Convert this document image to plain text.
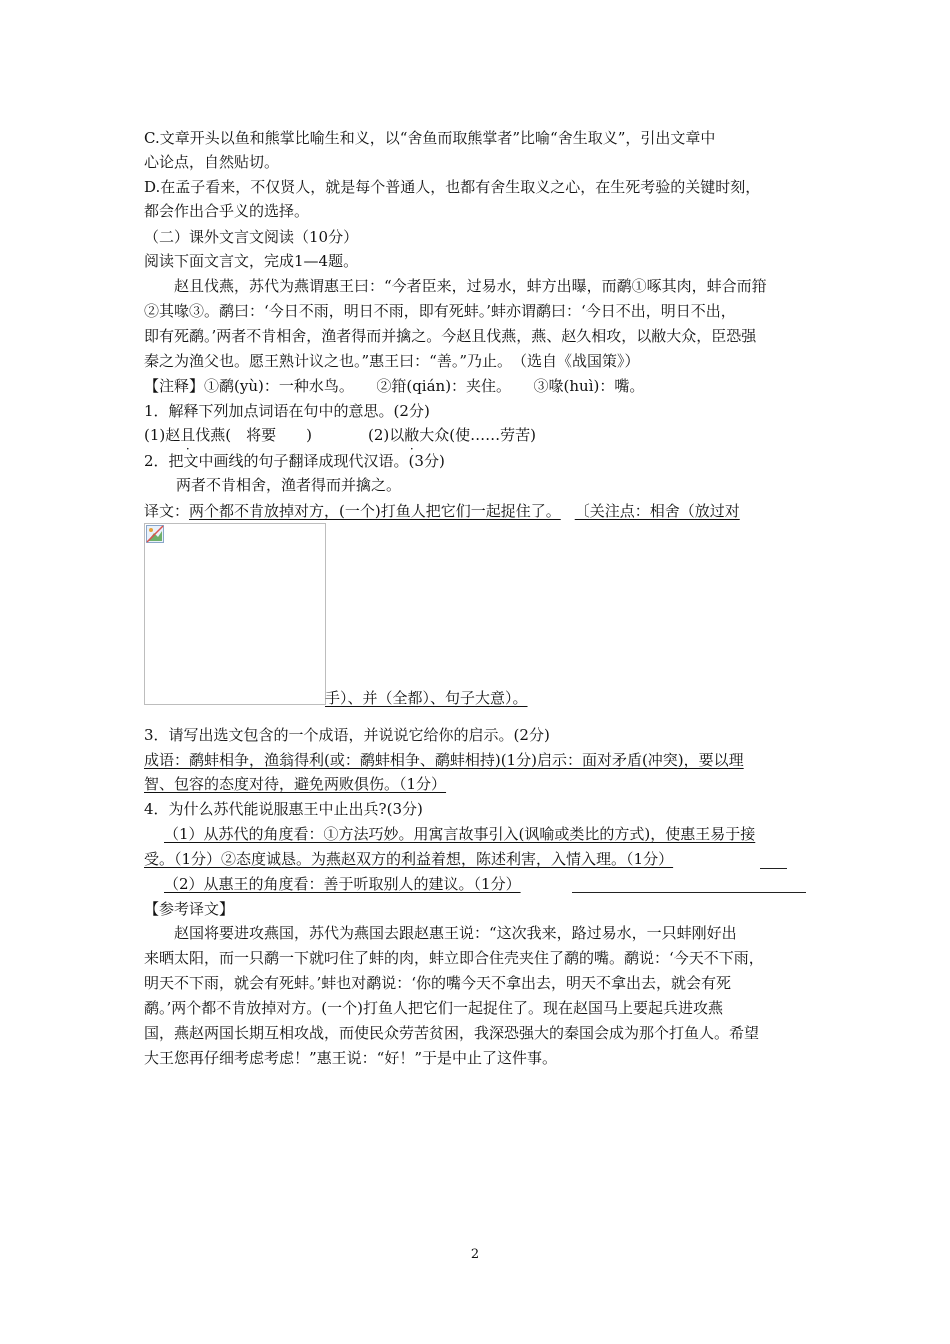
C.文章开头以鱼和熊掌比喻生和义，以“舍鱼而取熊掌者”比喻“舍生取义”，引出文章中
心论点，自然贴切。
D.在孟子看来，不仅贤人，就是每个普通人，也都有舍生取义之心，在生死考验的关键时刻，
都会作出合乎义的选择。
（二）课外文言文阅读（10分）
阅读下面文言文，完成1—4题。
　　赵且伐燕，苏代为燕谓惠王曰：“今者臣来，过易水，蚌方出曝，而鹬①啄其肉，蚌合而箝
②其喙③。鹬曰：‘今日不雨，明日不雨，即有死蚌。’蚌亦谓鹬曰：‘今日不出，明日不出，
即有死鹬。’两者不肯相舍，渔者得而并擒之。今赵且伐燕，燕、赵久相攻，以敝大众，臣恐强
秦之为渔父也。愿王熟计议之也。”惠王曰：“善。”乃止。　（选自《战国策》）
【注释】①鹬(yù)：一种水鸟。　　②箝(qián)：夹住。　　③喙(huì)：嘴。
1．解释下列加点词语在句中的意思。(2分)
(1)赵且伐燕(　将要　　)	(2)以敝大众(使……劳苦)
2．把文中画线的句子翻译成现代汉语。(3分)
两者不肯相舍，渔者得而并擒之。
译文：两个都不肯放掉对方，(一个)打鱼人把它们一起捉住了。 〔关注点：相舍（放过对
手）、并（全都）、句子大意）。
3．请写出选文包含的一个成语，并说说它给你的启示。(2分)
成语：鹬蚌相争，渔翁得利(或：鹬蚌相争、鹬蚌相持)(1分)启示：面对矛盾(冲突)，要以理
智、包容的态度对待，避免两败俱伤。（1分）
4．为什么苏代能说服惠王中止出兵?(3分)
（1）从苏代的角度看：①方法巧妙。用寓言故事引入(讽喻或类比的方式)，使惠王易于接
受。（1分）②态度诚恳。为燕赵双方的利益着想，陈述利害，入情入理。（1分）
（2）从惠王的角度看：善于听取别人的建议。（1分）
【参考译文】
　　赵国将要进攻燕国，苏代为燕国去跟赵惠王说：“这次我来，路过易水，一只蚌刚好出
来晒太阳，而一只鹬一下就叼住了蚌的肉，蚌立即合住壳夹住了鹬的嘴。鹬说：‘今天不下雨，
明天不下雨，就会有死蚌。’蚌也对鹬说：‘你的嘴今天不拿出去，明天不拿出去，就会有死
鹬。’两个都不肯放掉对方。(一个)打鱼人把它们一起捉住了。现在赵国马上要起兵进攻燕
国，燕赵两国长期互相攻战，而使民众劳苦贫困，我深恐强大的秦国会成为那个打鱼人。希望
大王您再仔细考虑考虑！”惠王说：“好！”于是中止了这件事。
2
